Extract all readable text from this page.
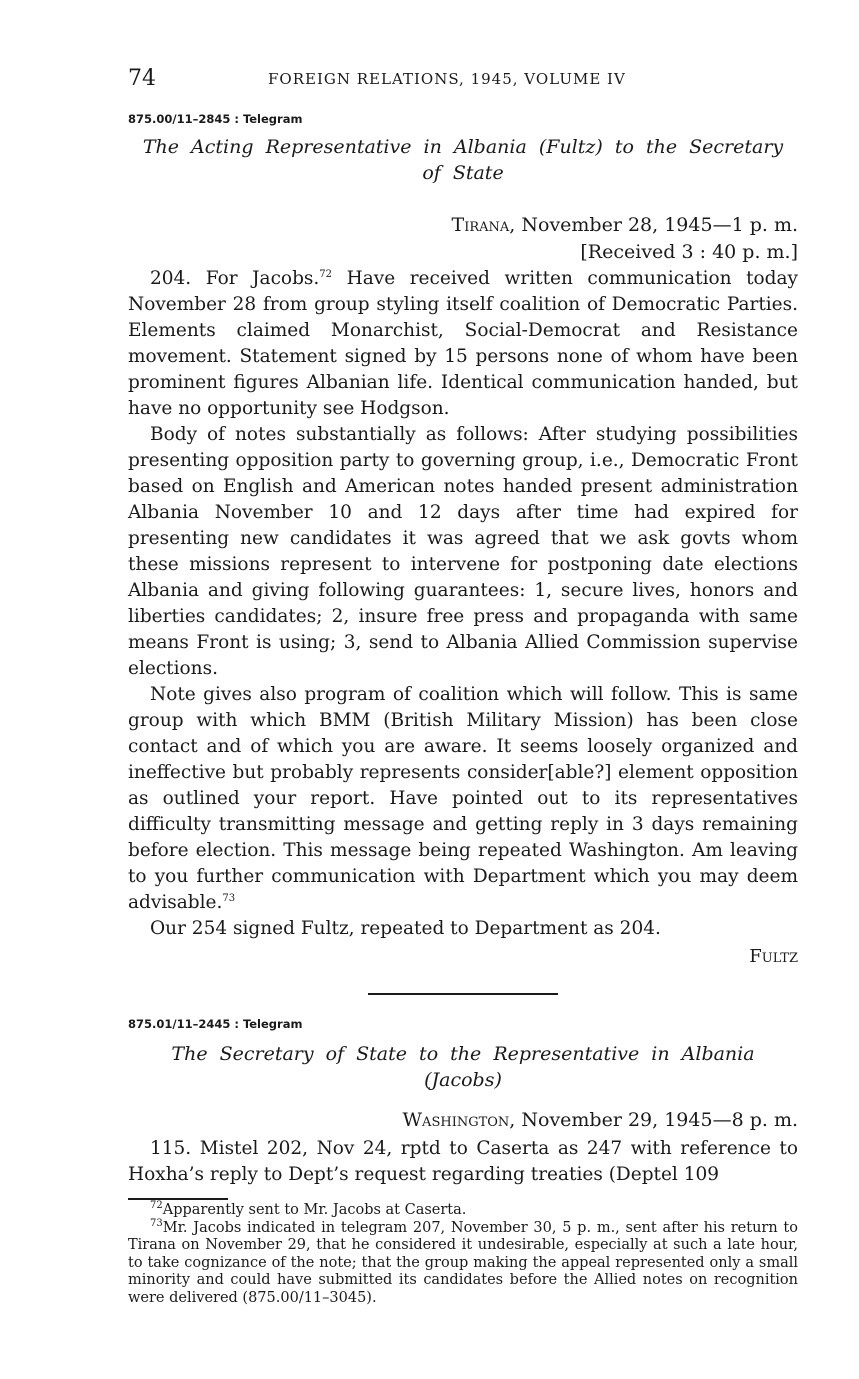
74	FOREIGN RELATIONS, 1945, VOLUME IV
875.00/11–2845 : Telegram
The Acting Representative in Albania (Fultz) to the Secretary of State
Tirana, November 28, 1945—1 p. m.
[Received 3 : 40 p. m.]

204. For Jacobs.$^{72}$ Have received written communication today November 28 from group styling itself coalition of Democratic Parties. Elements claimed Monarchist, Social-Democrat and Resistance movement. Statement signed by 15 persons none of whom have been prominent figures Albanian life. Identical communication handed, but have no opportunity see Hodgson.

Body of notes substantially as follows: After studying possibilities presenting opposition party to governing group, i.e., Democratic Front based on English and American notes handed present administration Albania November 10 and 12 days after time had expired for presenting new candidates it was agreed that we ask govts whom these missions represent to intervene for postponing date elections Albania and giving following guarantees: 1, secure lives, honors and liberties candidates; 2, insure free press and propaganda with same means Front is using; 3, send to Albania Allied Commission supervise elections.

Note gives also program of coalition which will follow. This is same group with which BMM (British Military Mission) has been close contact and of which you are aware. It seems loosely organized and ineffective but probably represents consider[able?] element opposition as outlined your report. Have pointed out to its representatives difficulty transmitting message and getting reply in 3 days remaining before election. This message being repeated Washington. Am leaving to you further communication with Department which you may deem advisable.$^{73}$

Our 254 signed Fultz, repeated to Department as 204.

Fultz
875.01/11–2445 : Telegram
The Secretary of State to the Representative in Albania (Jacobs)
Washington, November 29, 1945—8 p. m.

115. Mistel 202, Nov 24, rptd to Caserta as 247 with reference to Hoxha’s reply to Dept’s request regarding treaties (Deptel 109

$^{72}$Apparently sent to Mr. Jacobs at Caserta.

$^{73}$Mr. Jacobs indicated in telegram 207, November 30, 5 p. m., sent after his return to Tirana on November 29, that he considered it undesirable, especially at such a late hour, to take cognizance of the note; that the group making the appeal represented only a small minority and could have submitted its candidates before the Allied notes on recognition were delivered (875.00/11–3045).
